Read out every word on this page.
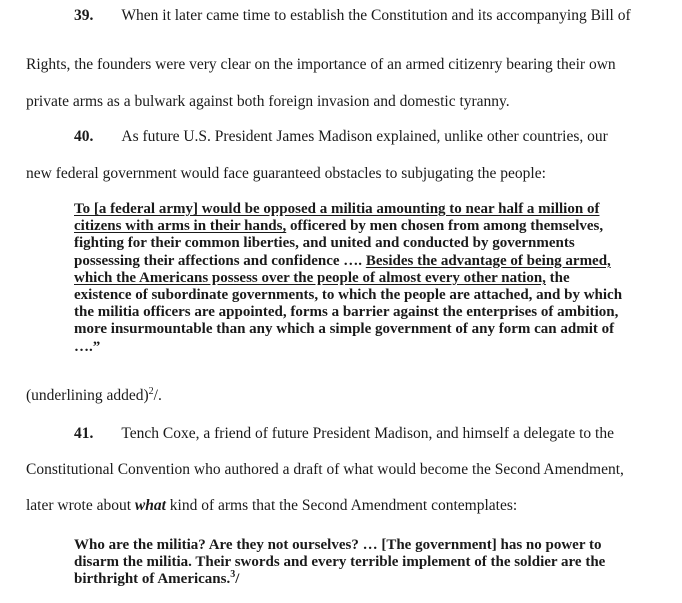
39. When it later came time to establish the Constitution and its accompanying Bill of
Rights, the founders were very clear on the importance of an armed citizenry bearing their own
private arms as a bulwark against both foreign invasion and domestic tyranny.
40. As future U.S. President James Madison explained, unlike other countries, our
new federal government would face guaranteed obstacles to subjugating the people:
To [a federal army] would be opposed a militia amounting to near half a million of
citizens with arms in their hands, officered by men chosen from among themselves,
fighting for their common liberties, and united and conducted by governments
possessing their affections and confidence …. Besides the advantage of being armed,
which the Americans possess over the people of almost every other nation, the
existence of subordinate governments, to which the people are attached, and by which
the militia officers are appointed, forms a barrier against the enterprises of ambition,
more insurmountable than any which a simple government of any form can admit of
….”
(underlining added)$^2$/.
41. Tench Coxe, a friend of future President Madison, and himself a delegate to the
Constitutional Convention who authored a draft of what would become the Second Amendment,
later wrote about what kind of arms that the Second Amendment contemplates:
Who are the militia? Are they not ourselves? … [The government] has no power to
disarm the militia. Their swords and every terrible implement of the soldier are the
birthright of Americans.$^3$/
